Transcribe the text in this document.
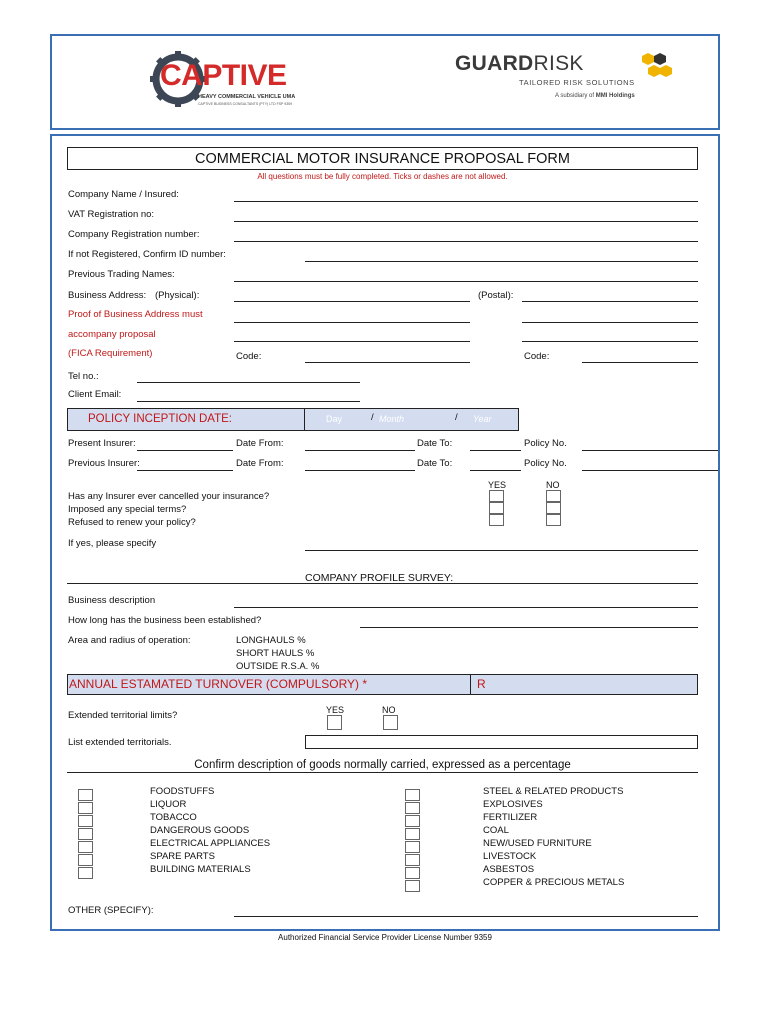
CAPTIVE
HEAVY COMMERCIAL VEHICLE UMA
CAPTIVE BUSINESS CONSULTANTS (PTY) LTD FSP 9359
GUARDRISK
TAILORED RISK SOLUTIONS
A subsidiary of MMI Holdings
COMMERCIAL MOTOR INSURANCE PROPOSAL FORM
All questions must be fully completed. Ticks or dashes are not allowed.
Company Name / Insured:
VAT Registration no:
Company Registration number:
If not Registered, Confirm ID number:
Previous Trading Names:
Business Address: (Physical):	(Postal):
Proof of Business Address must
accompany proposal
(FICA Requirement)	Code:	Code:
Tel no.:
Client Email:
POLICY INCEPTION DATE:	Day	/ Month	/ Year
Present Insurer:	Date From:	Date To:	Policy No.
Previous Insurer:	Date From:	Date To:	Policy No.
YES	NO
Has any Insurer ever cancelled your insurance?
Imposed any special terms?
Refused to renew your policy?
If yes, please specify
COMPANY PROFILE SURVEY:
Business description
How long has the business been established?
Area and radius of operation:	LONGHAULS %
SHORT HAULS %
OUTSIDE R.S.A. %
ANNUAL ESTAMATED TURNOVER (COMPULSORY) *	R
YES	NO
Extended territorial limits?
List extended territorials.
Confirm description of goods normally carried, expressed as a percentage
FOODSTUFFS
LIQUOR
TOBACCO
DANGEROUS GOODS
ELECTRICAL APPLIANCES
SPARE PARTS
BUILDING MATERIALS
STEEL & RELATED PRODUCTS
EXPLOSIVES
FERTILIZER
COAL
NEW/USED FURNITURE
LIVESTOCK
ASBESTOS
COPPER & PRECIOUS METALS
OTHER (SPECIFY):
Authorized Financial Service Provider License Number 9359
